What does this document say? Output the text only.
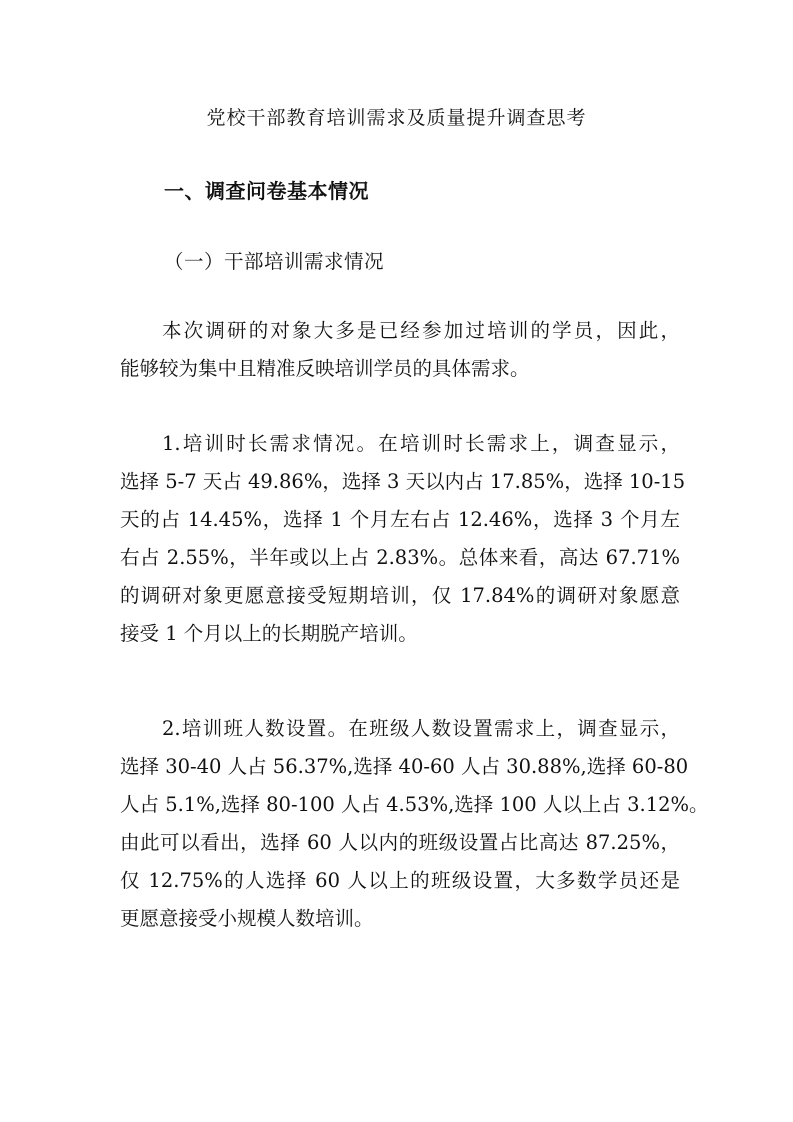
党校干部教育培训需求及质量提升调查思考
一、调查问卷基本情况
（一）干部培训需求情况
本次调研的对象大多是已经参加过培训的学员，因此，
能够较为集中且精准反映培训学员的具体需求。
1.培训时长需求情况。在培训时长需求上，调查显示，
选择 5-7 天占 49.86%，选择 3 天以内占 17.85%，选择 10-15
天的占 14.45%，选择 1 个月左右占 12.46%，选择 3 个月左
右占 2.55%，半年或以上占 2.83%。总体来看，高达 67.71%
的调研对象更愿意接受短期培训，仅 17.84%的调研对象愿意
接受 1 个月以上的长期脱产培训。
2.培训班人数设置。在班级人数设置需求上，调查显示，
选择 30-40 人占 56.37%,选择 40-60 人占 30.88%,选择 60-80
人占 5.1%,选择 80-100 人占 4.53%,选择 100 人以上占 3.12%。
由此可以看出，选择 60 人以内的班级设置占比高达 87.25%，
仅 12.75%的人选择 60 人以上的班级设置，大多数学员还是
更愿意接受小规模人数培训。
